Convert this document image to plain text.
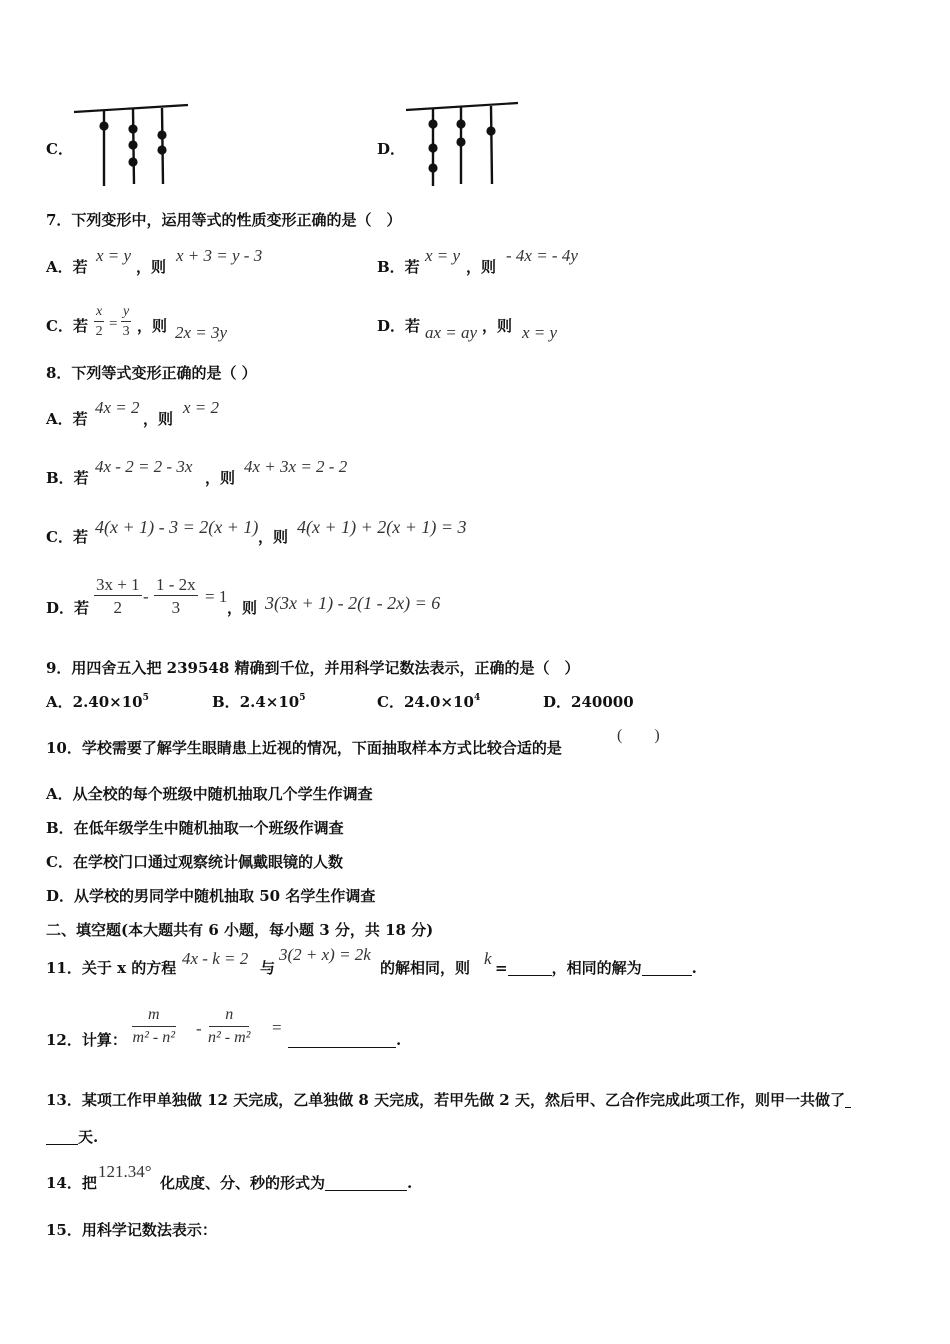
C．	D．
7．下列变形中，运用等式的性质变形正确的是（　）
A．若
x = y
，则
x + 3 = y - 3
B．若
x = y
，则
- 4x = - 4y
C．若 $\frac{x}{2} = \frac{y}{3}$ ，则 2x = 3y	D．若 ax = ay ，则 x = y
8．下列等式变形正确的是（ ）
A．若
4x = 2
，则
x = 2
B．若
4x - 2 = 2 - 3x
，则
4x + 3x = 2 - 2
C．若 4(x + 1) - 3 = 2(x + 1) ，则 4(x + 1) + 2(x + 1) = 3
D．若 $\frac{3x + 1}{2} - \frac{1 - 2x}{3} = 1$
，则 3(3x + 1) - 2(1 - 2x) = 6
9．用四舍五入把 239548 精确到千位，并用科学记数法表示，正确的是（　）
A．$2.40\times 10^5$	B．$2.4\times 10^5$	C．$24.0\times 10^4$	D．240000
10．学校需要了解学生眼睛患上近视的情况，下面抽取样本方式比较合适的是
(　　)
A．从全校的每个班级中随机抽取几个学生作调查
B．在低年级学生中随机抽取一个班级作调查
C．在学校门口通过观察统计佩戴眼镜的人数
D．从学校的男同学中随机抽取 50 名学生作调查
二、填空题(本大题共有 6 小题，每小题 3 分，共 18 分)
11．关于 x 的方程 4x - k = 2 与
3(2 + x) = 2k
的解相同，则 k =	，相同的解为	.
12．计算： $\frac{m}{\text{m² - n²}} - \frac{n}{\text{n² - m²}}$ =
.
13．某项工作甲单独做 12 天完成，乙单独做 8 天完成，若甲先做 2 天，然后甲、乙合作完成此项工作，则甲一共做了
天.
14．把
121.34°
化成度、分、秒的形式为	.
15．用科学记数法表示：
